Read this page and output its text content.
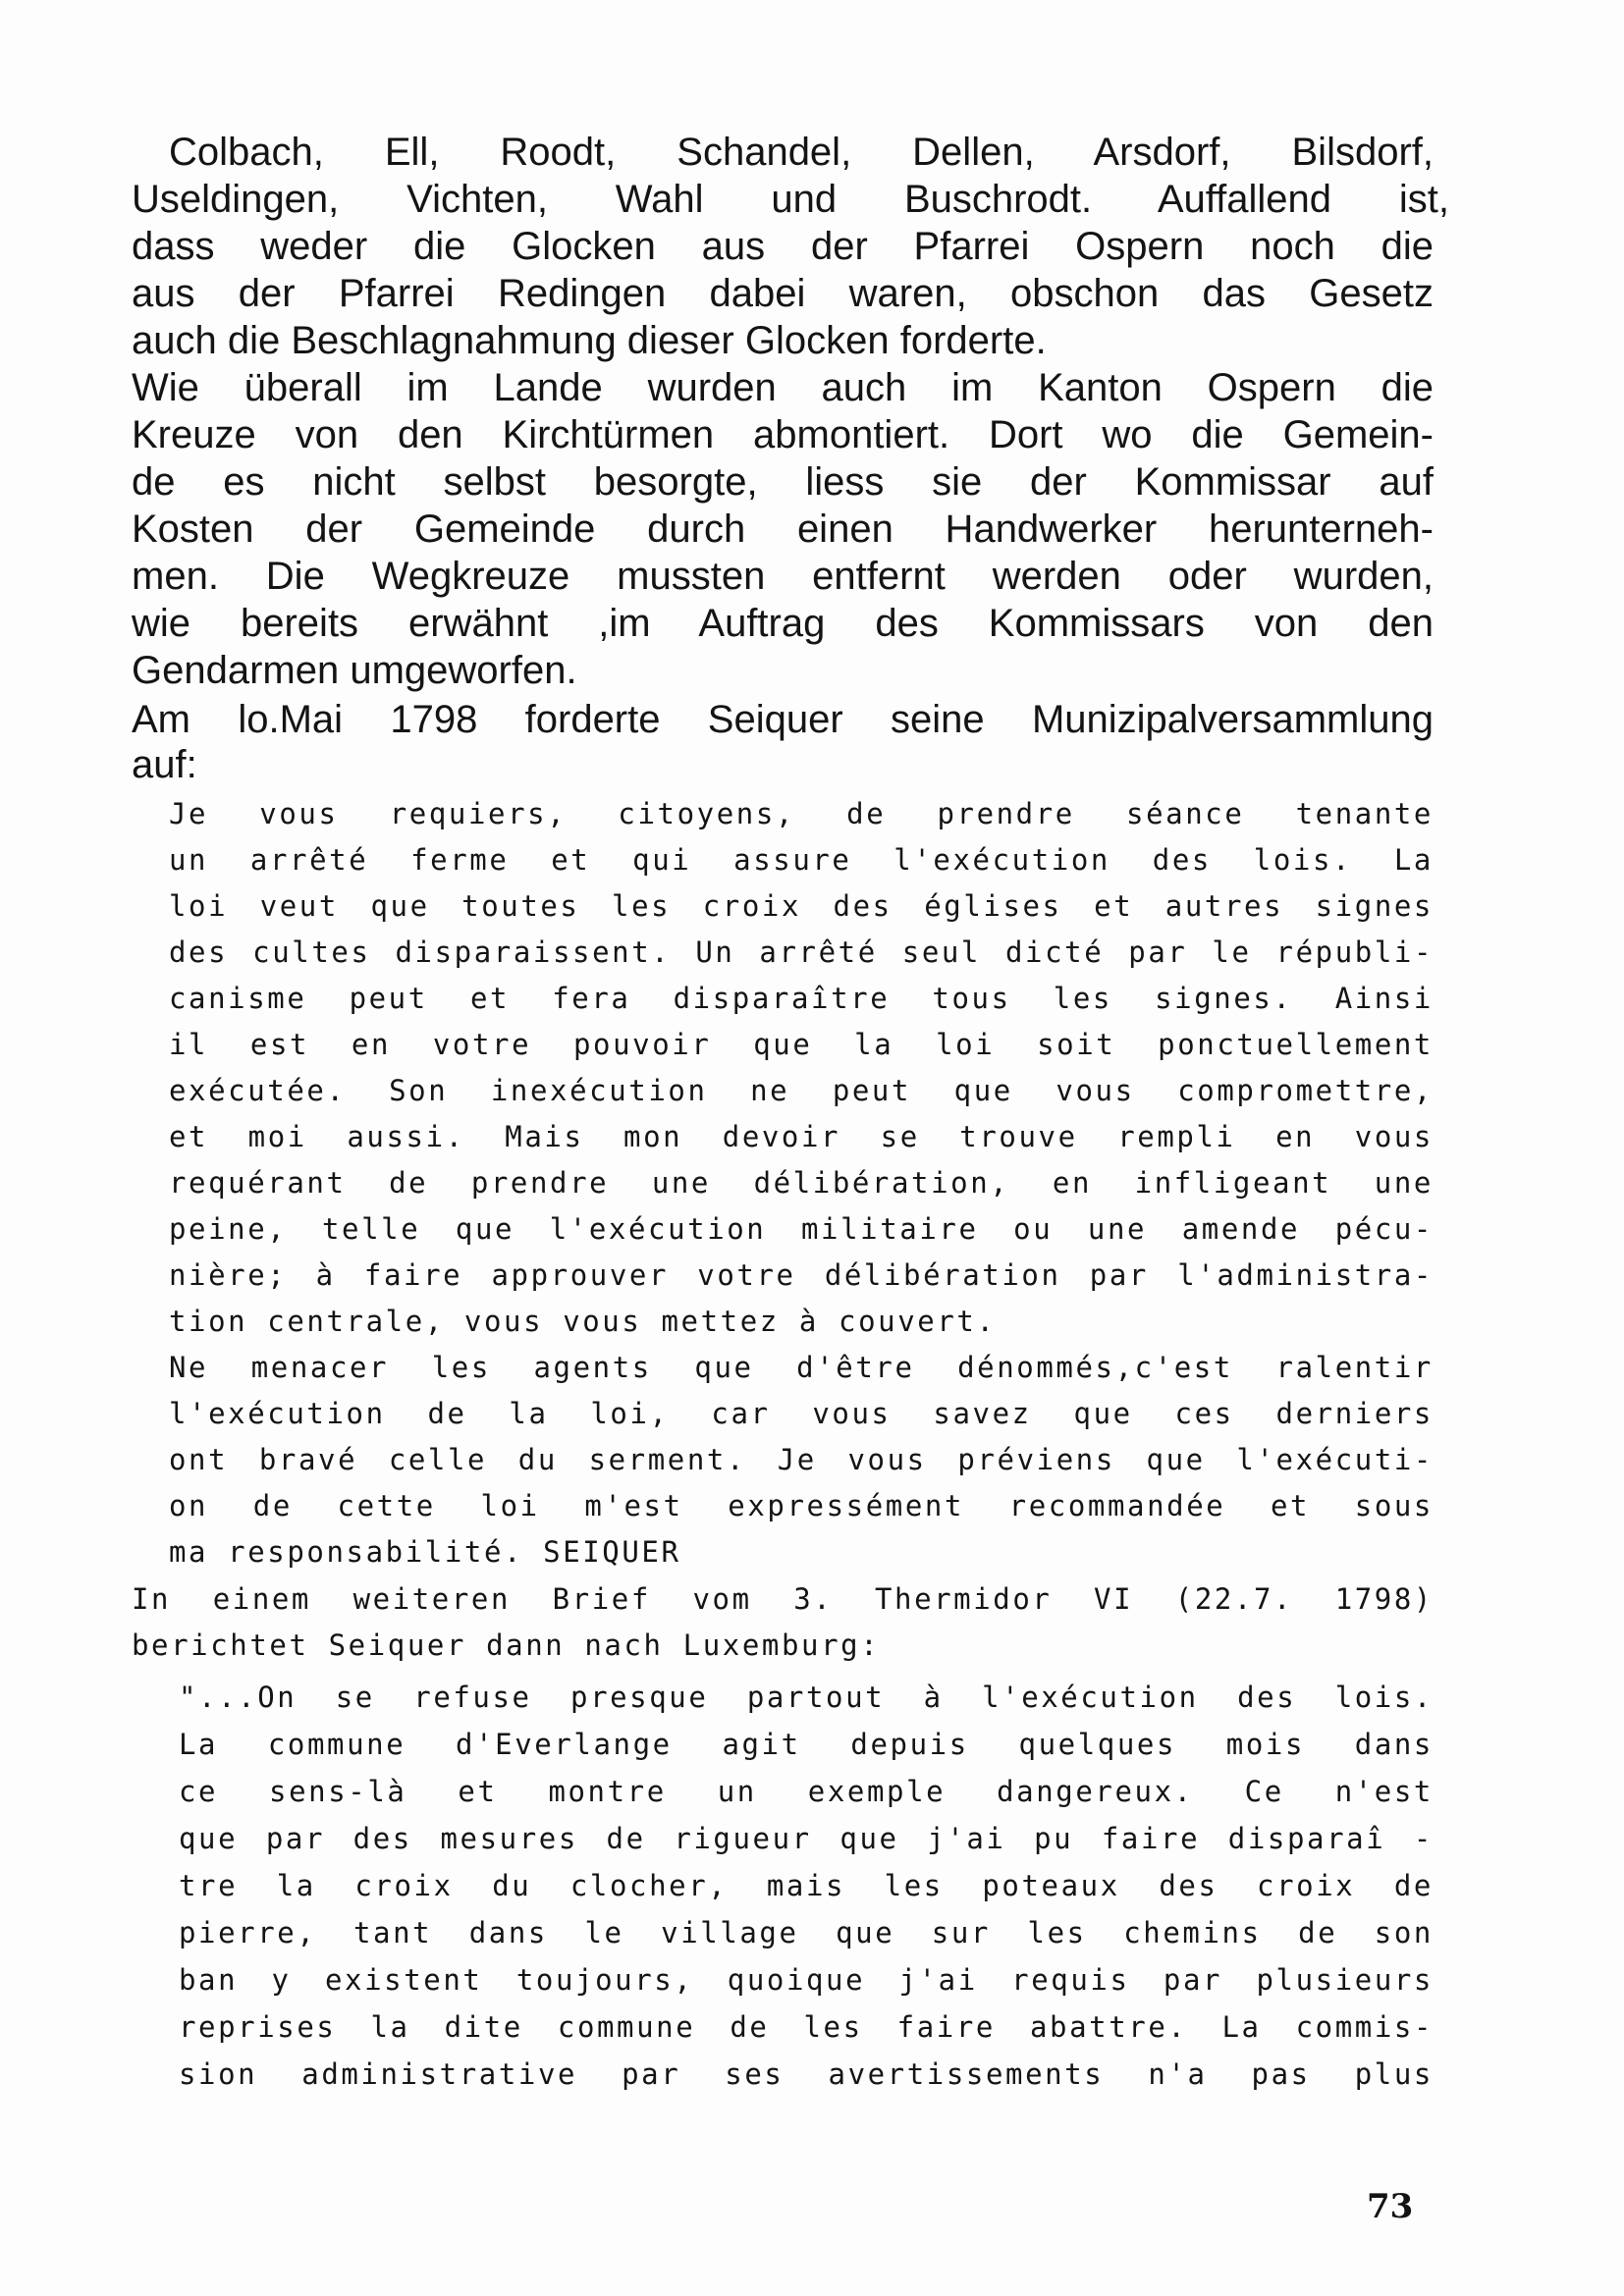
Colbach, Ell, Roodt, Schandel, Dellen, Arsdorf, Bilsdorf,

Useldingen, Vichten, Wahl und Buschrodt. Auffallend ist,

dass weder die Glocken aus der Pfarrei Ospern noch die

aus der Pfarrei Redingen dabei waren, obschon das Gesetz

auch die Beschlagnahmung dieser Glocken forderte.

Wie überall im Lande wurden auch im Kanton Ospern die

Kreuze von den Kirchtürmen abmontiert. Dort wo die Gemein-

de es nicht selbst besorgte, liess sie der Kommissar auf

Kosten der Gemeinde durch einen Handwerker herunterneh-

men. Die Wegkreuze mussten entfernt werden oder wurden,

wie bereits erwähnt ,im Auftrag des Kommissars von den

Gendarmen umgeworfen.

Am lo.Mai 1798 forderte Seiquer seine Munizipalversammlung

auf:

Je vous requiers, citoyens, de prendre séance tenante

un arrêté ferme et qui assure l'exécution des lois. La

loi veut que toutes les croix des églises et autres signes

des cultes disparaissent. Un arrêté seul dicté par le républi-

canisme peut et fera disparaître tous les signes. Ainsi

il est en votre pouvoir que la loi soit ponctuellement

exécutée. Son inexécution ne peut que vous compromettre,

et moi aussi. Mais mon devoir se trouve rempli en vous

requérant de prendre une délibération, en infligeant une

peine, telle que l'exécution militaire ou une amende pécu-

nière; à faire approuver votre délibération par l'administra-

tion centrale, vous vous mettez à couvert.

Ne menacer les agents que d'être dénommés,c'est ralentir

l'exécution de la loi, car vous savez que ces derniers

ont bravé celle du serment. Je vous préviens que l'exécuti-

on de cette loi m'est expressément recommandée et sous

ma responsabilité. SEIQUER

In einem weiteren Brief vom 3. Thermidor VI (22.7. 1798)

berichtet Seiquer dann nach Luxemburg:

"...On se refuse presque partout à l'exécution des lois.

La commune d'Everlange agit depuis quelques mois dans

ce sens-là et montre un exemple dangereux. Ce n'est

que par des mesures de rigueur que j'ai pu faire disparaî -

tre la croix du clocher, mais les poteaux des croix de

pierre, tant dans le village que sur les chemins de son

ban y existent toujours, quoique j'ai requis par plusieurs

reprises la dite commune de les faire abattre. La commis-

sion administrative par ses avertissements n'a pas plus

73
